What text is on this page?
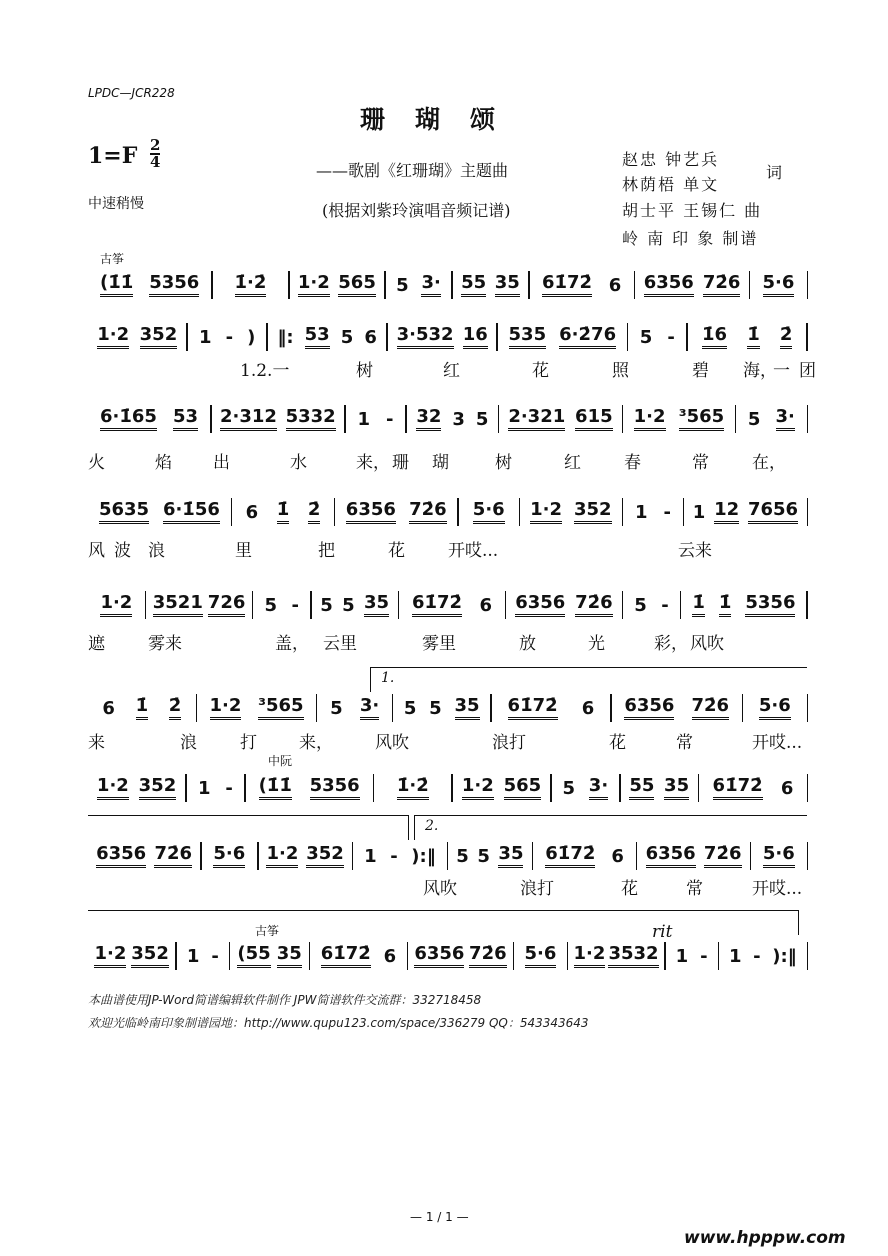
LPDC—JCR228
珊瑚颂
1=F 2
4
中速稍慢
——歌剧《红珊瑚》主题曲
(根据刘紫玲演唱音频记谱)
赵忠 钟艺兵
林荫梧 单文
词
胡士平 王锡仁 曲
岭 南 印 象 制谱
古筝
中阮
古筝	rit
1.
2.
(1̇1̇ 5356 1̇·2̇ 1·2 565 5 3· 55 35 61̇72̇ 6 6356 72̇6 5·6
1·2 352 1 - ) ‖: 53 5 6 3·532 16 535 6·2̇76 5 - 1̇6 1̇ 2̇
1.2.一	树	红	花	照	碧 海，
一 团
6·1̇65 53 2·312 5332 1 - 32 3 5 2·321 615 1·2 ³565 5 3·
火	焰 出	水	来， 珊 瑚	树	红	春	常	在，
5635 6·1̇56 6 1̇ 2̇ 6356 72̇6 5·6 1·2 352 1 - 1 12 7656
风 波 浪	里	把	花	开哎...	云来
1·2 3521 726 5 - 5 5 35 61̇72̇ 6 6356 72̇6 5 - 1̇ 1̇ 5356
遮	雾来	盖， 云里	雾里	放	光	彩， 风吹
6 1̇ 2̇ 1·2 ³565 5 3· 5 5 35 61̇72̇ 6 6356 72̇6 5·6
来	浪	打 来， 风吹	浪打	花	常	开哎...
1·2 352 1 - (1̇1̇ 5356 1̇·2̇ 1·2 565 5 3· 55 35 61̇72̇ 6
6356 72̇6 5·6 1·2 352 1 - ):‖ 5 5 35 61̇72̇ 6 6356 72̇6 5·6
风吹	浪打	花	常	开哎...
1·2 352 1 - (55 35 61̇72̇ 6 6356 72̇6 5·6 1·2 3532 1 - 1 - ):‖
本曲谱使用JP-Word简谱编辑软件制作 JPW简谱软件交流群：332718458
欢迎光临岭南印象制谱园地：http://www.qupu123.com/space/336279 QQ：543343643
— 1 / 1 —
www.hpppw.com
